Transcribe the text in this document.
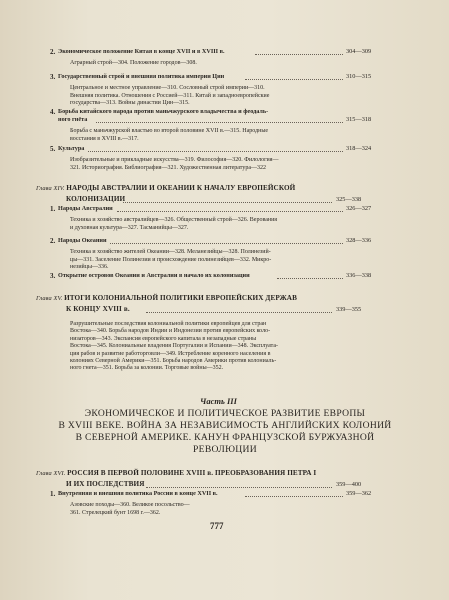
2. Экономическое положение Китая в конце XVII и в XVIII в.	304—309
Аграрный строй—304. Положение городов—308.
3. Государственный строй и внешняя политика империи Цин	310—315
Центральное и местное управление—310. Сословный строй империи—310.
Внешняя политика. Отношения с Россией—311. Китай и западноевропейские
государства—313. Войны династии Цин—315.
4. Борьба китайского народа против маньчжурского владычества и феодаль-
ного гнёта	315—318
Борьба с маньчжурской властью во второй половине XVII в.—315. Народные
восстания в XVIII в.—317.
5. Культура	318—324
Изобразительные и прикладные искусства—319. Философия—320. Филология—
321. Историография. Библиография—321. Художественная литература—322
Глава XIV. НАРОДЫ АВСТРАЛИИ И ОКЕАНИИ К НАЧАЛУ ЕВРОПЕЙСКОЙ
КОЛОНИЗАЦИИ	325—338
1. Народы Австралии	326—327
Техника и хозяйство австралийцев—326. Общественный строй—326. Верования
и духовная культура—327. Тасманийцы—327.
2. Народы Океании	328—336
Техника и хозяйство жителей Океании—328. Меланезийцы—328. Полинезий-
цы—331. Заселение Полинезии и происхождение полинезийцев—332. Микро-
незийцы—336.
3. Открытие островов Океании и Австралии в начало их колонизации	336—338
Глава XV. ИТОГИ КОЛОНИАЛЬНОЙ ПОЛИТИКИ ЕВРОПЕЙСКИХ ДЕРЖАВ
К КОНЦУ XVIII в.	339—355
Разрушительные последствия колониальной политики европейцев для стран
Востока—340. Борьба народов Индии и Индонезии против европейских коло-
низаторов—343. Экспансия европейского капитала в незападные страны
Востока—345. Колониальные владения Португалии и Испании—348. Эксплуата-
ция рабов и развитие работорговли—349. Истребление коренного населения в
колониях Северной Америки—351. Борьба народов Америки против колониаль-
ного гнета—351. Борьба за колонии. Торговые войны—352.
Часть III
ЭКОНОМИЧЕСКОЕ И ПОЛИТИЧЕСКОЕ РАЗВИТИЕ ЕВРОПЫ
В XVIII ВЕКЕ. ВОЙНА ЗА НЕЗАВИСИМОСТЬ АНГЛИЙСКИХ КОЛОНИЙ
В СЕВЕРНОЙ АМЕРИКЕ. КАНУН ФРАНЦУЗСКОЙ БУРЖУАЗНОЙ
РЕВОЛЮЦИИ
Глава XVI. РОССИЯ В ПЕРВОЙ ПОЛОВИНЕ XVIII в. ПРЕОБРАЗОВАНИЯ ПЕТРА I
И ИХ ПОСЛЕДСТВИЯ	359—400
1. Внутренняя и внешняя политика России в конце XVII в.	359—362
Азовские походы—360. Великое посольство—
361. Стрелецкий бунт 1698 г.—362.
777
